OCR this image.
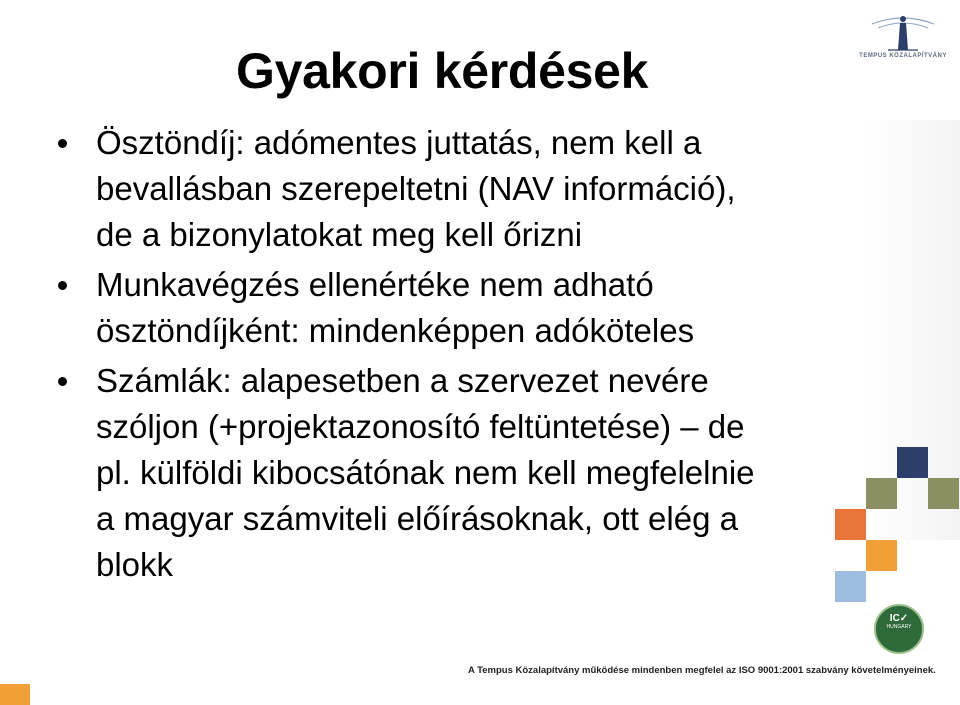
TEMPUS KÖZALAPÍTVÁNY
Gyakori kérdések
Ösztöndíj: adómentes juttatás, nem kell a
bevallásban szerepeltetni (NAV információ),
de a bizonylatokat meg kell őrizni
Munkavégzés ellenértéke nem adható
ösztöndíjként: mindenképpen adóköteles
Számlák: alapesetben a szervezet nevére
szóljon (+projektazonosító feltüntetése) – de
pl. külföldi kibocsátónak nem kell megfelelnie
a magyar számviteli előírásoknak, ott elég a
blokk
IC✓
HUNGARY
A Tempus Közalapítvány működése mindenben megfelel az ISO 9001:2001 szabvány követelményeinek.
